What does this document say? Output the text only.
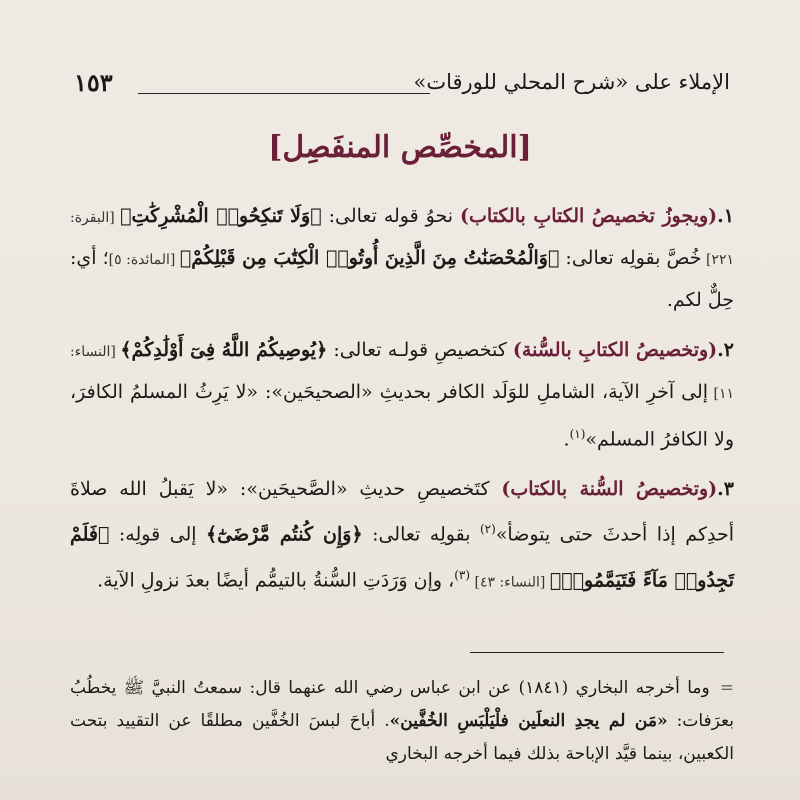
الإملاء على «شرح المحلي للورقات»
١٥٣
[المخصِّص المنفَصِل]

١.(ويجوزُ تخصيصُ الكتابِ بالكتاب) نحوُ قوله تعالى: ﴿وَلَا تَنكِحُوا۟ الْمُشْرِكَٰتِ﴾ [البقرة: ٢٢١] خُصَّ بقولِه تعالى: ﴿وَالْمُحْصَنَٰتُ مِنَ الَّذِينَ أُوتُوا۟ الْكِتَٰبَ مِن قَبْلِكُمْ﴾ [المائدة: ٥]؛ أي: حِلٌّ لكم.

٢.(وتخصيصُ الكتابِ بالسُّنة) كتخصيصِ قولـه تعالى: ﴿يُوصِيكُمُ اللَّهُ فِىٓ أَوْلَٰدِكُمْ﴾ [النساء: ١١] إلى آخرِ الآية، الشاملِ للوَلَد الكافر بحديثِ «الصحيحَين»: «لا يَرِثُ المسلمُ الكافرَ، ولا الكافرُ المسلم»$^{(١)}$.

٣.(وتخصيصُ السُّنة بالكتاب) كتَخصيصِ حديثِ «الصَّحيحَين»: «لا يَقبلُ الله صلاةَ أحدِكم إذا أحدثَ حتى يتوضأ»$^{(٢)}$ بقولِه تعالى: ﴿وَإِن كُنتُم مَّرْضَىٰٓ﴾ إلى قولِه: ﴿فَلَمْ تَجِدُوا۟ مَآءً فَتَيَمَّمُوا۟﴾ [النساء: ٤٣] $^{(٣)}$، وإن وَرَدَتِ السُّنةُ بالتيمُّم أيضًا بعدَ نزولِ الآية.

=وما أخرجه البخاري (١٨٤١) عن ابن عباس رضي الله عنهما قال: سمعتُ النبيَّ ﷺ يخطُبُ بعرَفات: «مَن لم يجدِ النعلَين فلْيَلْبَسِ الخُفَّين». أباحَ لبسَ الخُفَّين مطلقًا عن التقييد بتحت الكعبين، بينما قيَّد الإباحة بذلك فيما أخرجه البخاري
